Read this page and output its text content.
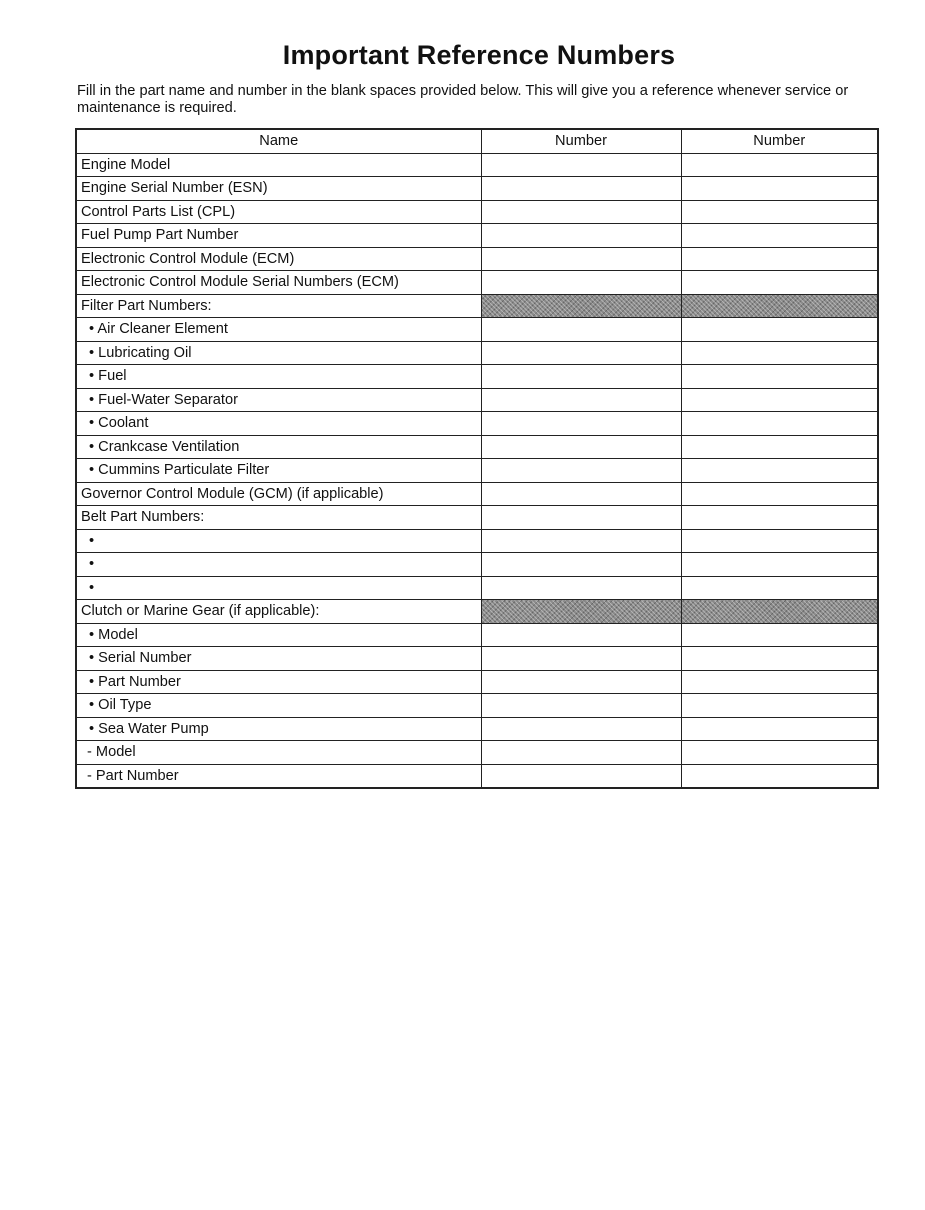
Important Reference Numbers
Fill in the part name and number in the blank spaces provided below. This will give you a reference whenever service or maintenance is required.
Name	Number	Number
Engine Model		
Engine Serial Number (ESN)		
Control Parts List (CPL)		
Fuel Pump Part Number		
Electronic Control Module (ECM)		
Electronic Control Module Serial Numbers (ECM)		
Filter Part Numbers:		
• Air Cleaner Element		
• Lubricating Oil		
• Fuel		
• Fuel-Water Separator		
• Coolant		
• Crankcase Ventilation		
• Cummins Particulate Filter		
Governor Control Module (GCM) (if applicable)		
Belt Part Numbers:		
•		
•		
•		
Clutch or Marine Gear (if applicable):		
• Model		
• Serial Number		
• Part Number		
• Oil Type		
• Sea Water Pump		
- Model		
- Part Number		
